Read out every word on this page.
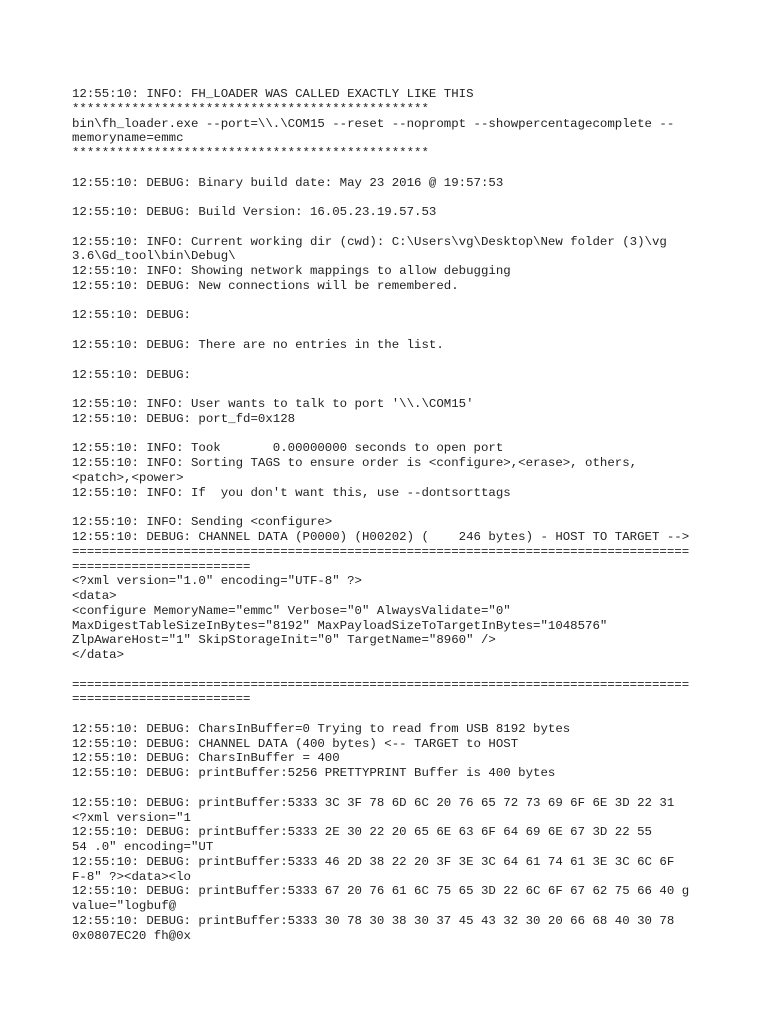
12:55:10: INFO: FH_LOADER WAS CALLED EXACTLY LIKE THIS
************************************************
bin\fh_loader.exe --port=\\.\COM15 --reset --noprompt --showpercentagecomplete --
memoryname=emmc
************************************************

12:55:10: DEBUG: Binary build date: May 23 2016 @ 19:57:53

12:55:10: DEBUG: Build Version: 16.05.23.19.57.53

12:55:10: INFO: Current working dir (cwd): C:\Users\vg\Desktop\New folder (3)\vg
3.6\Gd_tool\bin\Debug\
12:55:10: INFO: Showing network mappings to allow debugging
12:55:10: DEBUG: New connections will be remembered.

12:55:10: DEBUG:

12:55:10: DEBUG: There are no entries in the list.

12:55:10: DEBUG:

12:55:10: INFO: User wants to talk to port '\\.\COM15'
12:55:10: DEBUG: port_fd=0x128

12:55:10: INFO: Took       0.00000000 seconds to open port
12:55:10: INFO: Sorting TAGS to ensure order is <configure>,<erase>, others,
<patch>,<power>
12:55:10: INFO: If  you don't want this, use --dontsorttags

12:55:10: INFO: Sending <configure>
12:55:10: DEBUG: CHANNEL DATA (P0000) (H00202) (    246 bytes) - HOST TO TARGET -->
===================================================================================
========================
<?xml version="1.0" encoding="UTF-8" ?>
<data>
<configure MemoryName="emmc" Verbose="0" AlwaysValidate="0"
MaxDigestTableSizeInBytes="8192" MaxPayloadSizeToTargetInBytes="1048576"
ZlpAwareHost="1" SkipStorageInit="0" TargetName="8960" />
</data>

===================================================================================
========================

12:55:10: DEBUG: CharsInBuffer=0 Trying to read from USB 8192 bytes
12:55:10: DEBUG: CHANNEL DATA (400 bytes) <-- TARGET to HOST
12:55:10: DEBUG: CharsInBuffer = 400
12:55:10: DEBUG: printBuffer:5256 PRETTYPRINT Buffer is 400 bytes

12:55:10: DEBUG: printBuffer:5333 3C 3F 78 6D 6C 20 76 65 72 73 69 6F 6E 3D 22 31
<?xml version="1
12:55:10: DEBUG: printBuffer:5333 2E 30 22 20 65 6E 63 6F 64 69 6E 67 3D 22 55
54 .0" encoding="UT
12:55:10: DEBUG: printBuffer:5333 46 2D 38 22 20 3F 3E 3C 64 61 74 61 3E 3C 6C 6F
F-8" ?><data><lo
12:55:10: DEBUG: printBuffer:5333 67 20 76 61 6C 75 65 3D 22 6C 6F 67 62 75 66 40 g
value="logbuf@
12:55:10: DEBUG: printBuffer:5333 30 78 30 38 30 37 45 43 32 30 20 66 68 40 30 78
0x0807EC20 fh@0x
